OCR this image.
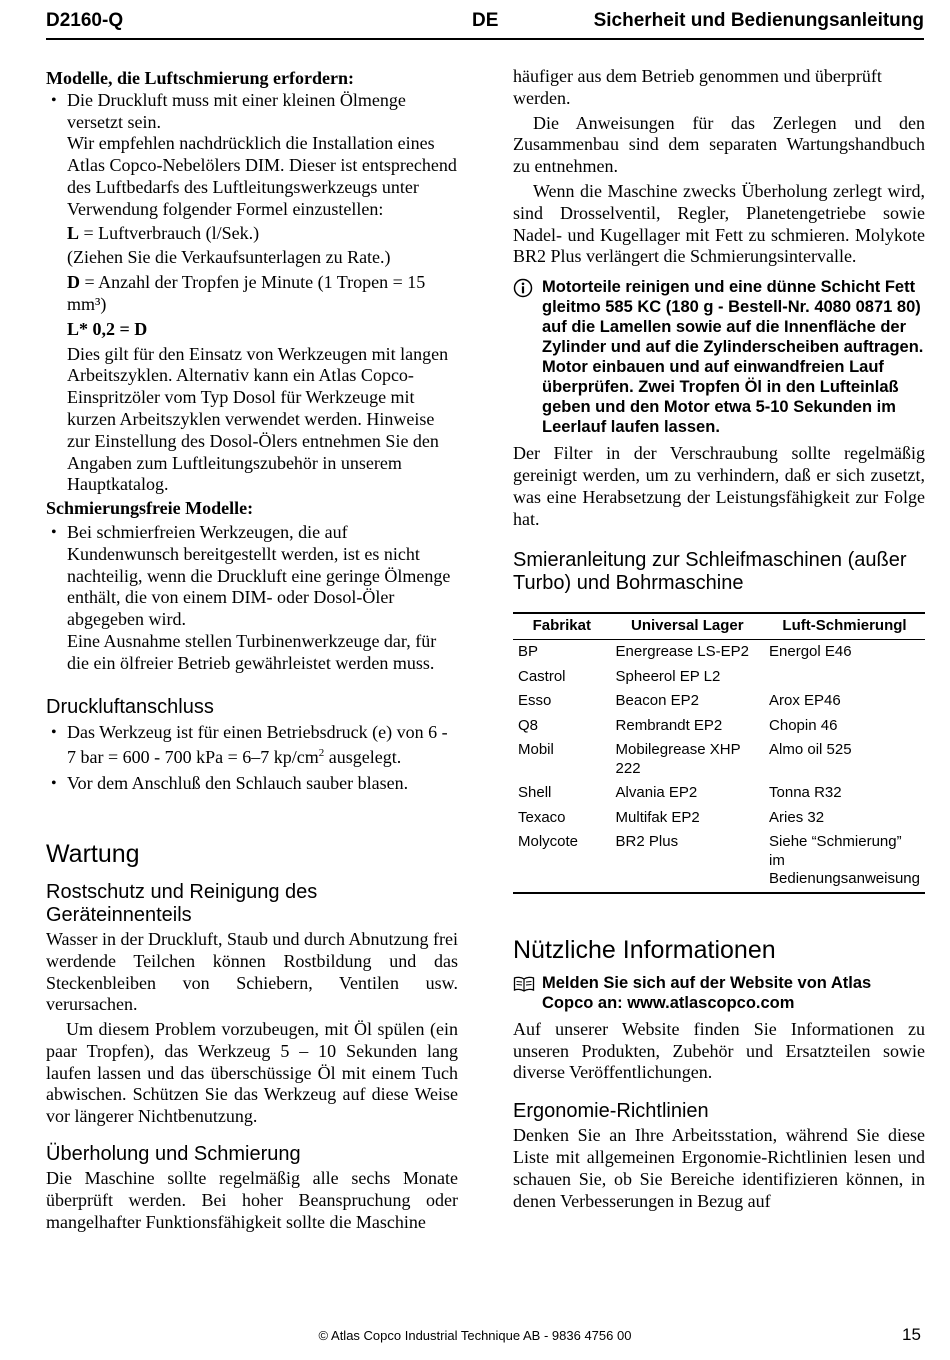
D2160-Q	DE	Sicherheit und Bedienungsanleitung

Modelle, die Luftschmierung erfordern:

• Die Druckluft muss mit einer kleinen Ölmenge versetzt sein.

Wir empfehlen nachdrücklich die Installation eines Atlas Copco-Nebelölers DIM. Dieser ist entsprechend des Luftbedarfs des Luftleitungswerkzeugs unter Verwendung folgender Formel einzustellen:

L = Luftverbrauch (l/Sek.)

(Ziehen Sie die Verkaufsunterlagen zu Rate.)

D = Anzahl der Tropfen je Minute (1 Tropen = 15 mm³)

L* 0,2 = D

Dies gilt für den Einsatz von Werkzeugen mit langen Arbeitszyklen. Alternativ kann ein Atlas Copco-Einspritzöler vom Typ Dosol für Werkzeuge mit kurzen Arbeitszyklen verwendet werden. Hinweise zur Einstellung des Dosol-Ölers entnehmen Sie den Angaben zum Luftleitungszubehör in unserem Hauptkatalog.

Schmierungsfreie Modelle:

• Bei schmierfreien Werkzeugen, die auf Kundenwunsch bereitgestellt werden, ist es nicht nachteilig, wenn die Druckluft eine geringe Ölmenge enthält, die von einem DIM- oder Dosol-Öler abgegeben wird.

Eine Ausnahme stellen Turbinenwerkzeuge dar, für die ein ölfreier Betrieb gewährleistet werden muss.

Druckluftanschluss

• Das Werkzeug ist für einen Betriebsdruck (e) von 6 - 7 bar = 600 - 700 kPa = 6–7 $kp/cm^2$ ausgelegt.
• Vor dem Anschluß den Schlauch sauber blasen.

Wartung

Rostschutz und Reinigung des Geräteinnenteils

Wasser in der Druckluft, Staub und durch Abnutzung frei werdende Teilchen können Rostbildung und das Steckenbleiben von Schiebern, Ventilen usw. verursachen.

Um diesem Problem vorzubeugen, mit Öl spülen (ein paar Tropfen), das Werkzeug 5 – 10 Sekunden lang laufen lassen und das überschüssige Öl mit einem Tuch abwischen. Schützen Sie das Werkzeug auf diese Weise vor längerer Nichtbenutzung.

Überholung und Schmierung

Die Maschine sollte regelmäßig alle sechs Monate überprüft werden. Bei hoher Beanspruchung oder mangelhafter Funktionsfähigkeit sollte die Maschine

häufiger aus dem Betrieb genommen und überprüft werden.

Die Anweisungen für das Zerlegen und den Zusammenbau sind dem separaten Wartungshandbuch zu entnehmen.

Wenn die Maschine zwecks Überholung zerlegt wird, sind Drosselventil, Regler, Planetengetriebe sowie Nadel- und Kugellager mit Fett zu schmieren. Molykote BR2 Plus verlängert die Schmierungsintervalle.

Motorteile reinigen und eine dünne Schicht Fett gleitmo 585 KC (180 g - Bestell-Nr. 4080 0871 80) auf die Lamellen sowie auf die Innenfläche der Zylinder und auf die Zylinderscheiben auftragen.

Motor einbauen und auf einwandfreien Lauf überprüfen. Zwei Tropfen Öl in den Lufteinlaß geben und den Motor etwa 5-10 Sekunden im Leerlauf laufen lassen.

Der Filter in der Verschraubung sollte regelmäßig gereinigt werden, um zu verhindern, daß er sich zusetzt, was eine Herabsetzung der Leistungsfähigkeit zur Folge hat.

Smieranleitung zur Schleifmaschinen (außer Turbo) und Bohrmaschine

Fabrikat	Universal Lager	Luft-Schmierungl
BP	Energrease LS-EP2	Energol E46
Castrol	Spheerol EP L2	
Esso	Beacon EP2	Arox EP46
Q8	Rembrandt EP2	Chopin 46
Mobil	Mobilegrease XHP 222	Almo oil 525
Shell	Alvania EP2	Tonna R32
Texaco	Multifak EP2	Aries 32
Molycote	BR2 Plus	Siehe “Schmierung” im Bedienungsanweisung

Nützliche Informationen

Melden Sie sich auf der Website von Atlas Copco an: www.atlascopco.com

Auf unserer Website finden Sie Informationen zu unseren Produkten, Zubehör und Ersatzteilen sowie diverse Veröffentlichungen.

Ergonomie-Richtlinien

Denken Sie an Ihre Arbeitsstation, während Sie diese Liste mit allgemeinen Ergonomie-Richtlinien lesen und schauen Sie, ob Sie Bereiche identifizieren können, in denen Verbesserungen in Bezug auf

© Atlas Copco Industrial Technique AB - 9836 4756 00	15
